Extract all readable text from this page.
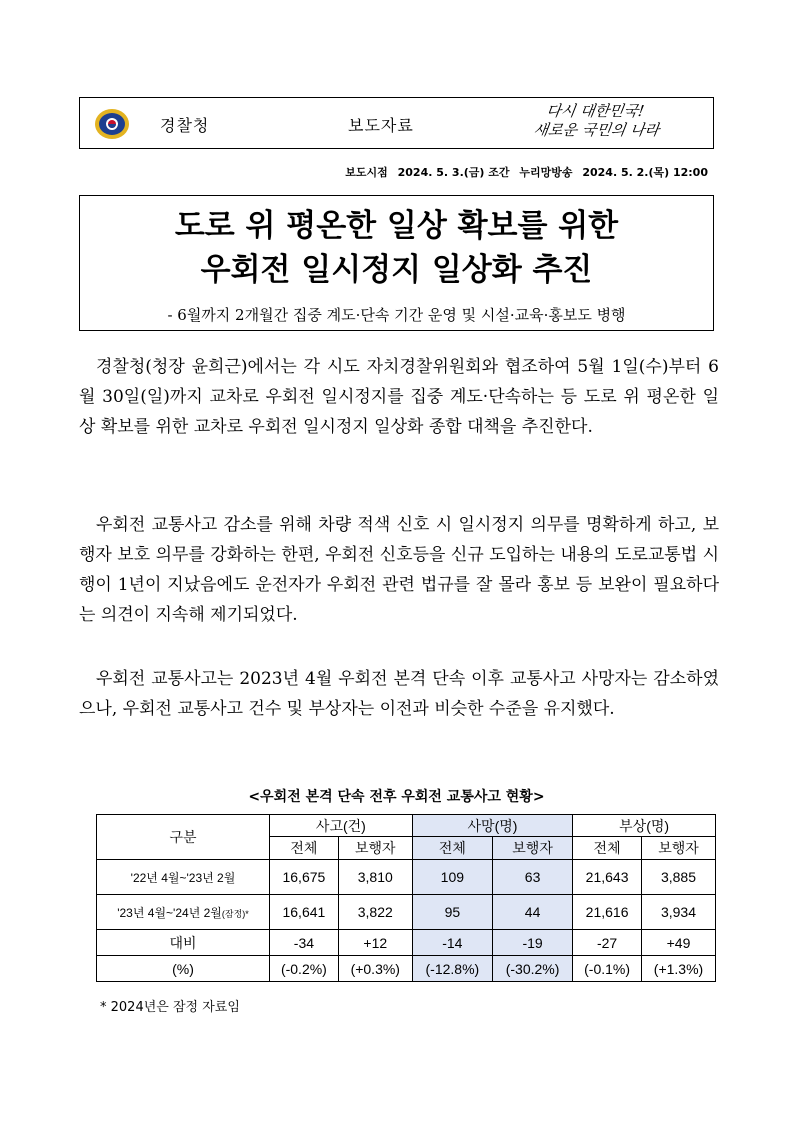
경찰청	보도자료
다시 대한민국!
새로운 국민의 나라
보도시점 2024. 5. 3.(금) 조간 누리망방송 2024. 5. 2.(목) 12:00
도로 위 평온한 일상 확보를 위한
우회전 일시정지 일상화 추진
- 6월까지 2개월간 집중 계도·단속 기간 운영 및 시설·교육·홍보도 병행

경찰청(청장 윤희근)에서는 각 시도 자치경찰위원회와 협조하여 5월 1일(수)부터 6월 30일(일)까지 교차로 우회전 일시정지를 집중 계도·단속하는 등 도로 위 평온한 일상 확보를 위한 교차로 우회전 일시정지 일상화 종합 대책을 추진한다.

우회전 교통사고 감소를 위해 차량 적색 신호 시 일시정지 의무를 명확하게 하고, 보행자 보호 의무를 강화하는 한편, 우회전 신호등을 신규 도입하는 내용의 도로교통법 시행이 1년이 지났음에도 운전자가 우회전 관련 법규를 잘 몰라 홍보 등 보완이 필요하다는 의견이 지속해 제기되었다.

우회전 교통사고는 2023년 4월 우회전 본격 단속 이후 교통사고 사망자는 감소하였으나, 우회전 교통사고 건수 및 부상자는 이전과 비슷한 수준을 유지했다.

<우회전 본격 단속 전후 우회전 교통사고 현황>
구분	사고(건)		사망(명)		부상(명)	
	전체	보행자	전체	보행자	전체	보행자
'22년 4월~'23년 2월	16,675	3,810	109	63	21,643	3,885
'23년 4월~'24년 2월(잠정)*	16,641	3,822	95	44	21,616	3,934
대비	-34	+12	-14	-19	-27	+49
(%)	(-0.2%)	(+0.3%)	(-12.8%)	(-30.2%)	(-0.1%)	(+1.3%)
* 2024년은 잠정 자료임
